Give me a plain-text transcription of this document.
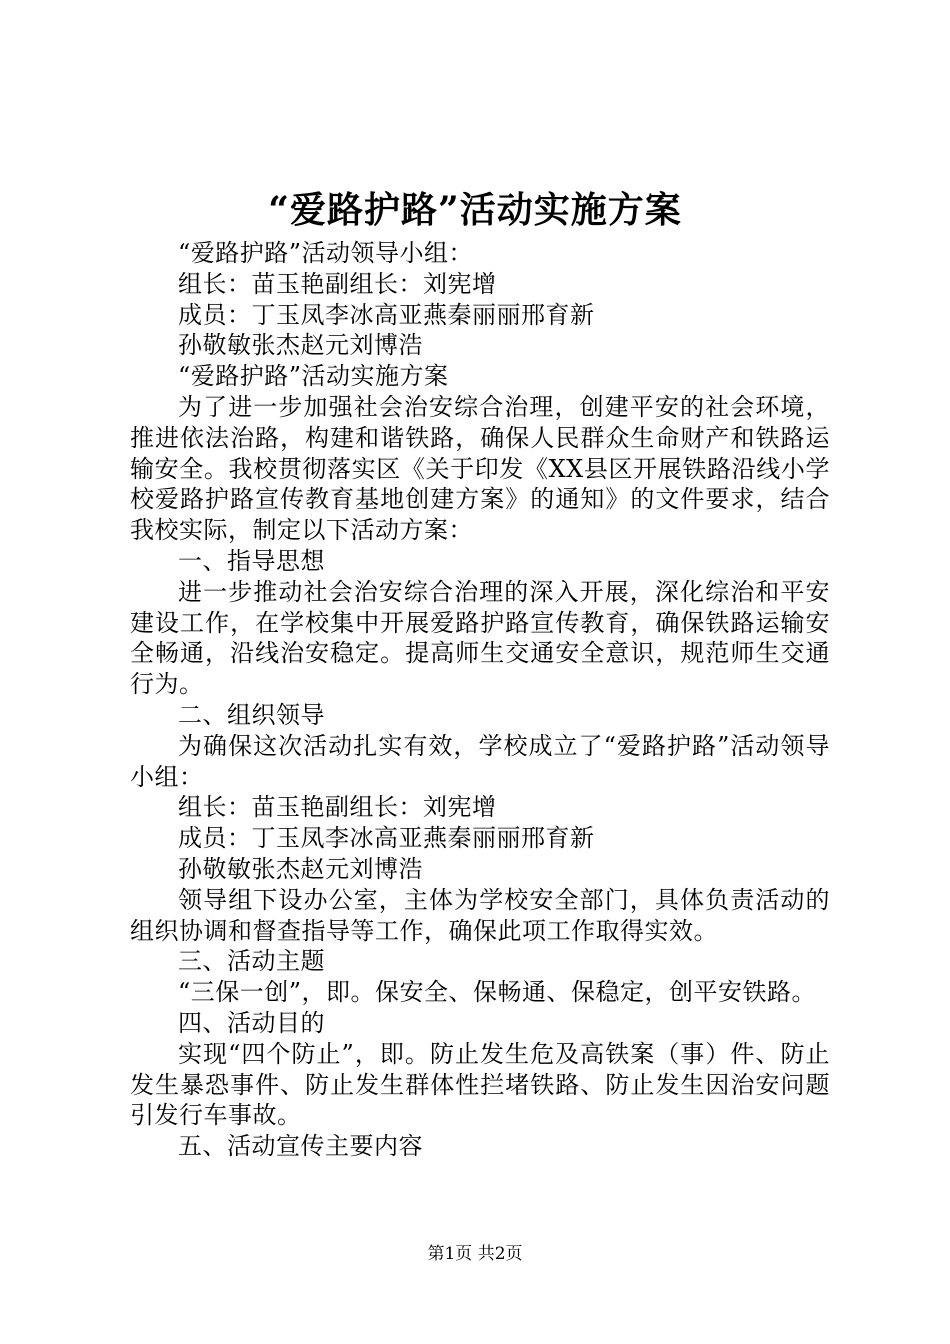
“爱路护路”活动实施方案

“爱路护路”活动领导小组：

组长：苗玉艳副组长：刘宪增

成员：丁玉凤李冰高亚燕秦丽丽邢育新

孙敬敏张杰赵元刘博浩

“爱路护路”活动实施方案

为了进一步加强社会治安综合治理，创建平安的社会环境，推进依法治路，构建和谐铁路，确保人民群众生命财产和铁路运输安全。我校贯彻落实区《关于印发《XX县区开展铁路沿线小学校爱路护路宣传教育基地创建方案》的通知》的文件要求，结合我校实际，制定以下活动方案：

一、指导思想

进一步推动社会治安综合治理的深入开展，深化综治和平安建设工作，在学校集中开展爱路护路宣传教育，确保铁路运输安全畅通，沿线治安稳定。提高师生交通安全意识，规范师生交通行为。

二、组织领导

为确保这次活动扎实有效，学校成立了“爱路护路”活动领导小组：

组长：苗玉艳副组长：刘宪增

成员：丁玉凤李冰高亚燕秦丽丽邢育新

孙敬敏张杰赵元刘博浩

领导组下设办公室，主体为学校安全部门，具体负责活动的组织协调和督查指导等工作，确保此项工作取得实效。

三、活动主题

“三保一创”，即。保安全、保畅通、保稳定，创平安铁路。

四、活动目的

实现“四个防止”，即。防止发生危及高铁案（事）件、防止发生暴恐事件、防止发生群体性拦堵铁路、防止发生因治安问题引发行车事故。

五、活动宣传主要内容

第1页 共2页
